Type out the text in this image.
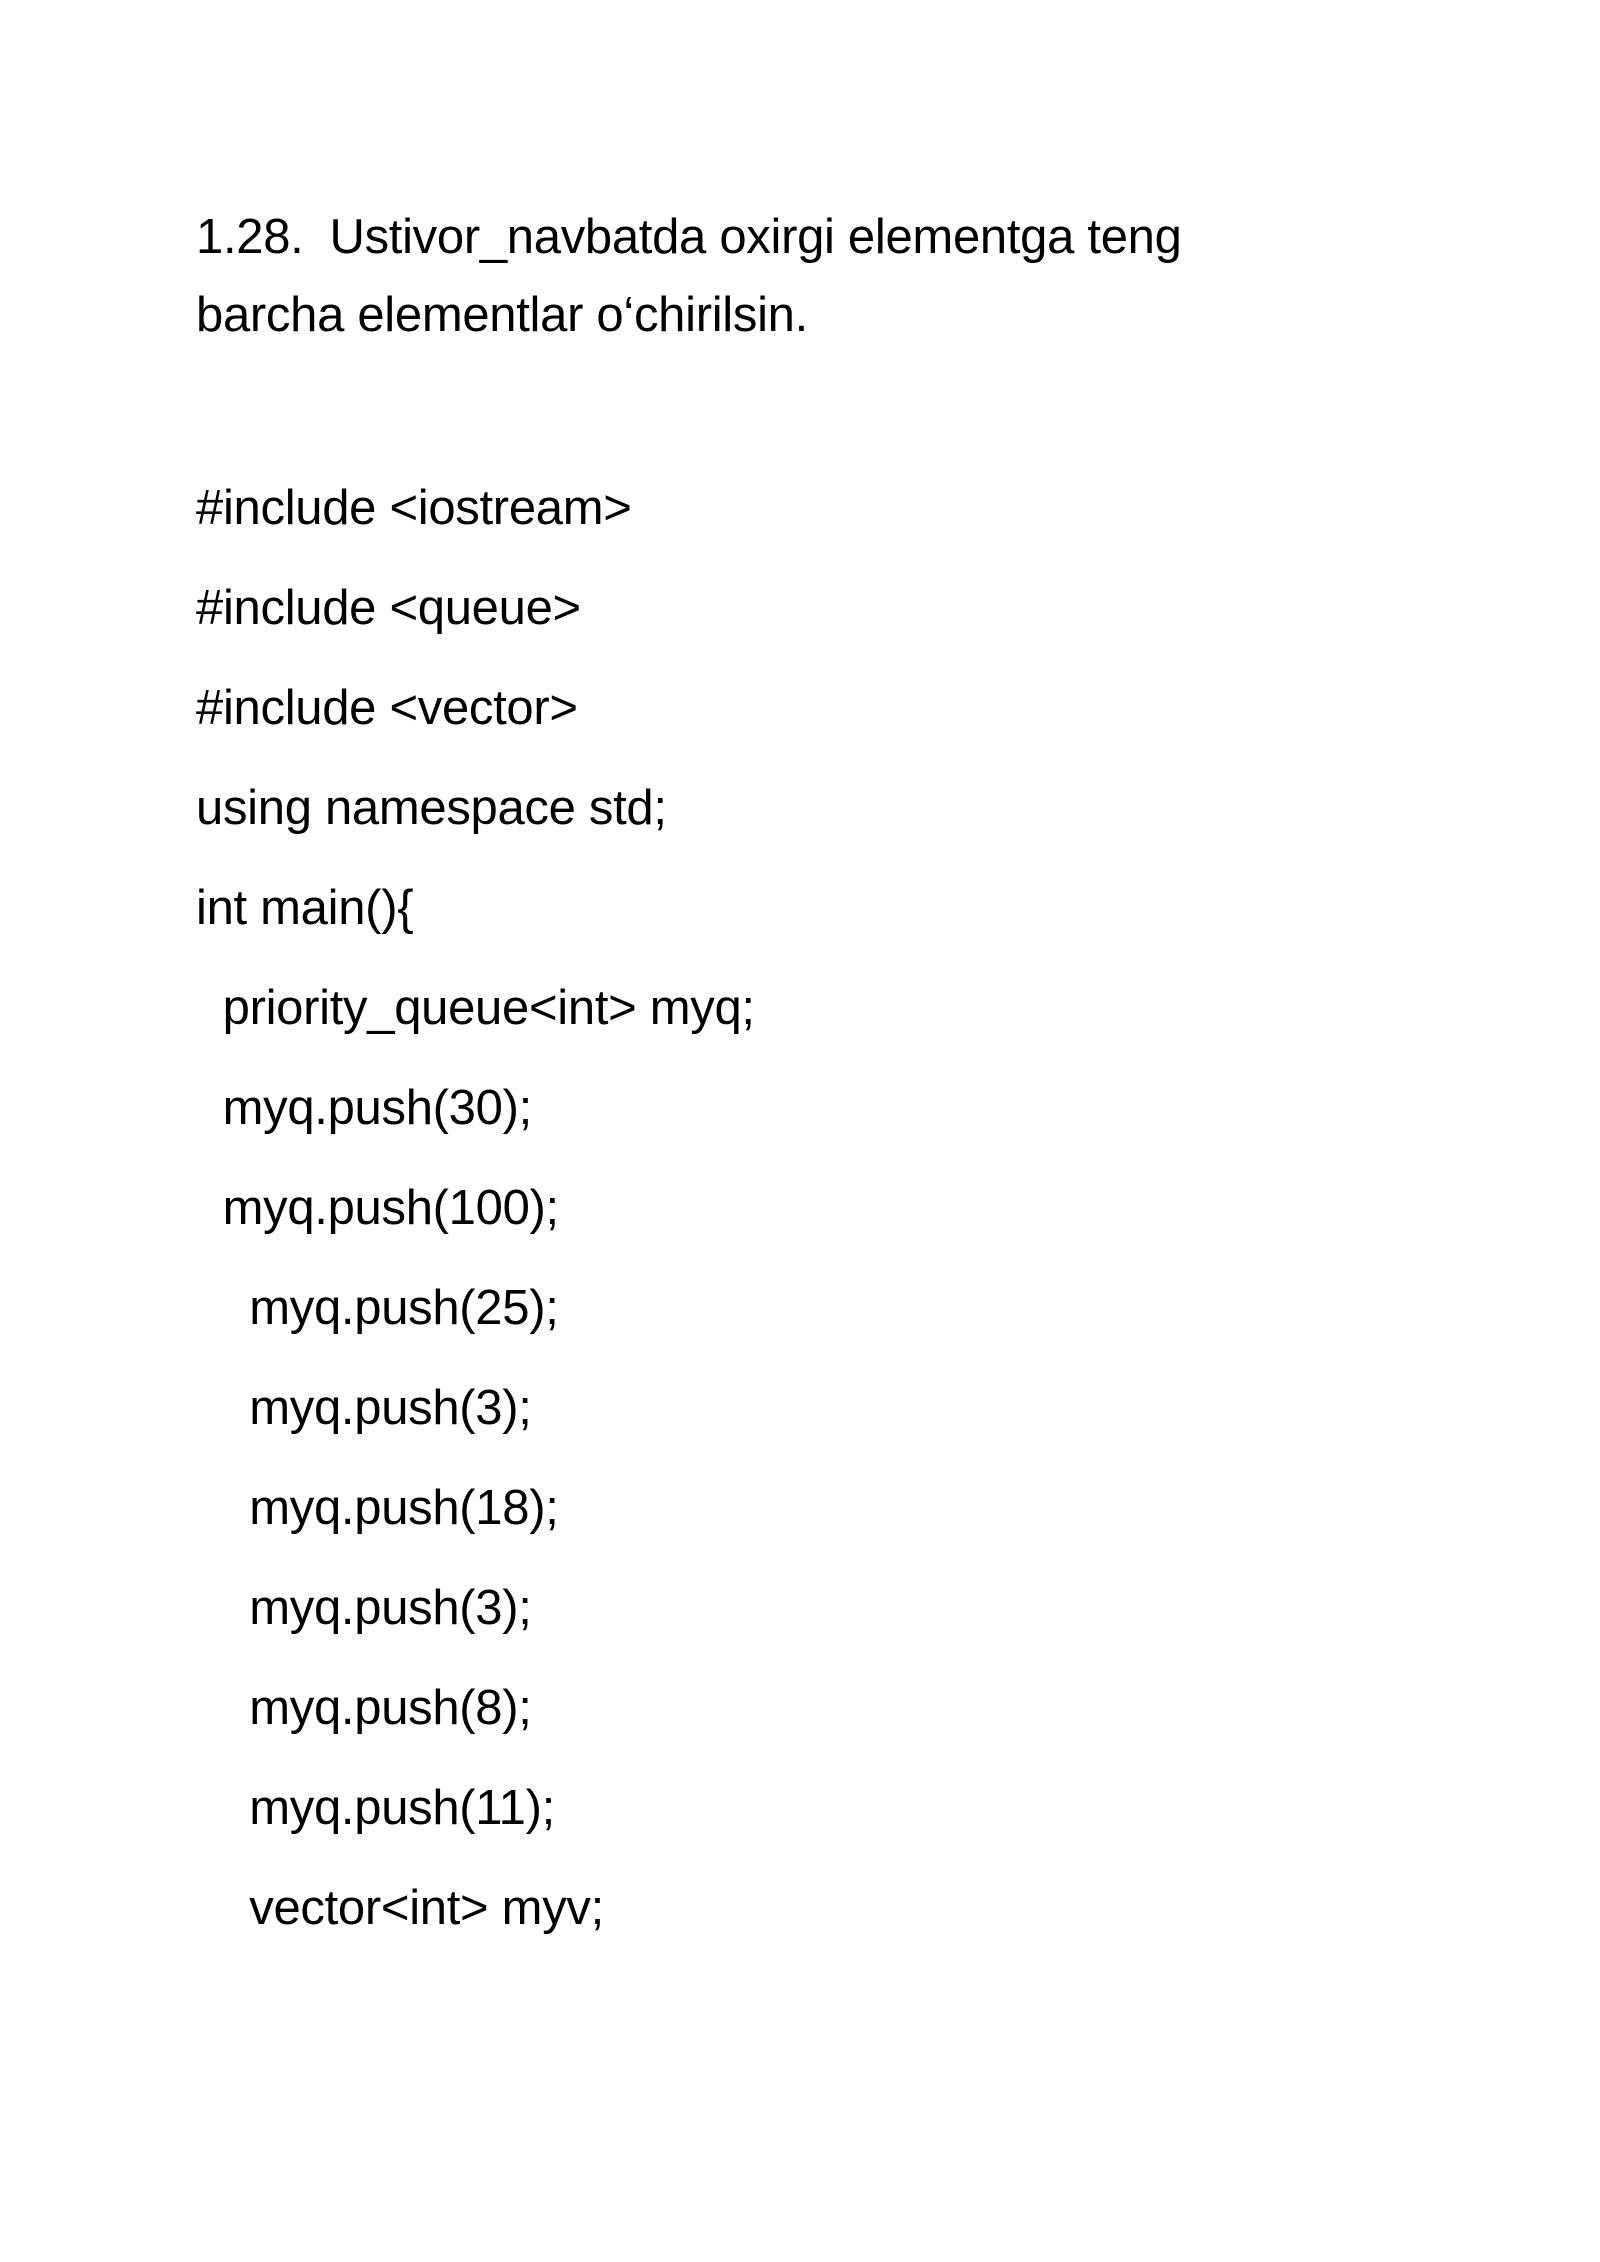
1.28. Ustivor_navbatda oxirgi elementga teng
barcha elementlar o‘chirilsin.
#include <iostream>
#include <queue>
#include <vector>
using namespace std;
int main(){
priority_queue<int> myq;
myq.push(30);
myq.push(100);
myq.push(25);
myq.push(3);
myq.push(18);
myq.push(3);
myq.push(8);
myq.push(11);
vector<int> myv;
